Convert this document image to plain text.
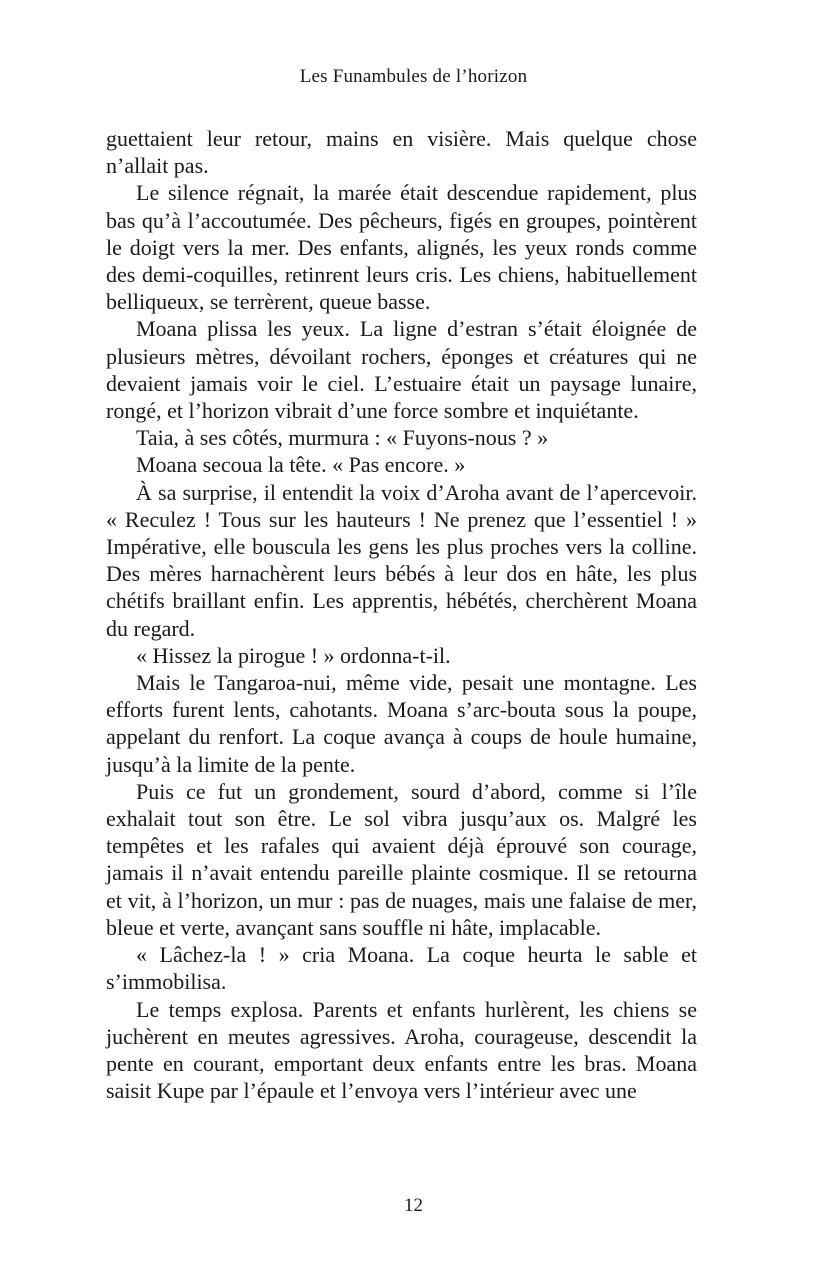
Les Funambules de l’horizon

guettaient leur retour, mains en visière. Mais quelque chose n’allait pas.

Le silence régnait, la marée était descendue rapidement, plus bas qu’à l’accoutumée. Des pêcheurs, figés en groupes, pointèrent le doigt vers la mer. Des enfants, alignés, les yeux ronds comme des demi-coquilles, retinrent leurs cris. Les chiens, habituellement belliqueux, se terrèrent, queue basse.

Moana plissa les yeux. La ligne d’estran s’était éloignée de plusieurs mètres, dévoilant rochers, éponges et créatures qui ne devaient jamais voir le ciel. L’estuaire était un paysage lunaire, rongé, et l’horizon vibrait d’une force sombre et inquiétante.

Taia, à ses côtés, murmura : « Fuyons-nous ? »

Moana secoua la tête. « Pas encore. »

À sa surprise, il entendit la voix d’Aroha avant de l’apercevoir. « Reculez ! Tous sur les hauteurs ! Ne prenez que l’essentiel ! » Impérative, elle bouscula les gens les plus proches vers la colline. Des mères harnachèrent leurs bébés à leur dos en hâte, les plus chétifs braillant enfin. Les apprentis, hébétés, cherchèrent Moana du regard.

« Hissez la pirogue ! » ordonna-t-il.

Mais le Tangaroa-nui, même vide, pesait une montagne. Les efforts furent lents, cahotants. Moana s’arc-bouta sous la poupe, appelant du renfort. La coque avança à coups de houle humaine, jusqu’à la limite de la pente.

Puis ce fut un grondement, sourd d’abord, comme si l’île exhalait tout son être. Le sol vibra jusqu’aux os. Malgré les tempêtes et les rafales qui avaient déjà éprouvé son courage, jamais il n’avait entendu pareille plainte cosmique. Il se retourna et vit, à l’horizon, un mur : pas de nuages, mais une falaise de mer, bleue et verte, avançant sans souffle ni hâte, implacable.

« Lâchez-la ! » cria Moana. La coque heurta le sable et s’immobilisa.

Le temps explosa. Parents et enfants hurlèrent, les chiens se juchèrent en meutes agressives. Aroha, courageuse, descendit la pente en courant, emportant deux enfants entre les bras. Moana saisit Kupe par l’épaule et l’envoya vers l’intérieur avec une

12
